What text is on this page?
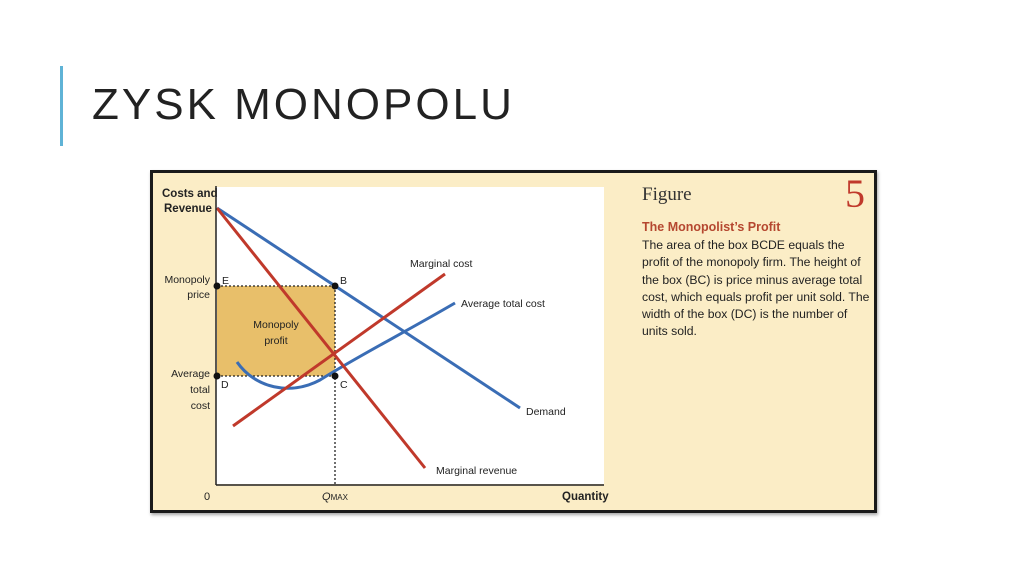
ZYSK MONOPOLU
Costs and
Revenue
Quantity
0
Monopoly
price
Average
total
cost
QMAX
E	B
D	C
Monopoly
profit
Marginal cost
Average total cost
Demand
Marginal revenue
Figure	5
The Monopolist’s Profit
The area of the box BCDE equals the profit of the monopoly firm. The height of the box (BC) is price minus average total cost, which equals profit per unit sold. The width of the box (DC) is the number of units sold.
